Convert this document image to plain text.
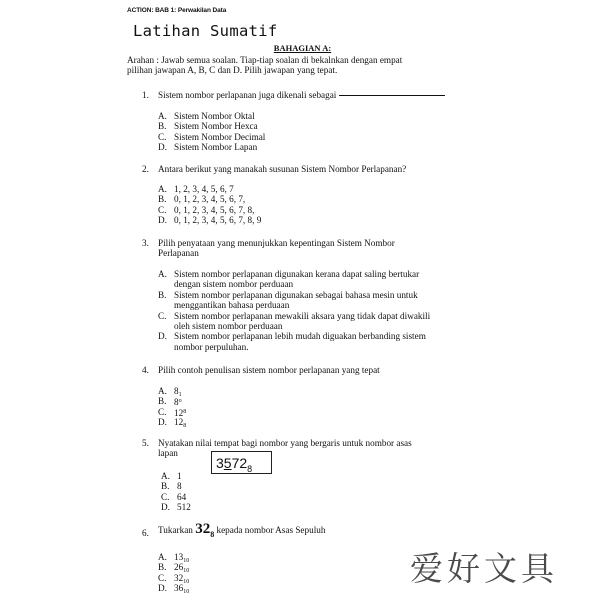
ACTION: BAB 1: Perwakilan Data
Latihan Sumatif
BAHAGIAN A:
Arahan : Jawab semua soalan. Tiap-tiap soalan di bekalnkan dengan empat
pilihan jawapan A, B, C dan D. Pilih jawapan yang tepat.
1. Sistem nombor perlapanan juga dikenali sebagai
A. Sistem Nombor Oktal
B. Sistem Nombor Hexca
C. Sistem Nombor Decimal
D. Sistem Nombor Lapan
2. Antara berikut yang manakah susunan Sistem Nombor Perlapanan?
A. 1, 2, 3, 4, 5, 6, 7
B. 0, 1, 2, 3, 4, 5, 6, 7,
C. 0, 1, 2, 3, 4, 5, 6, 7, 8,
D. 0, 1, 2, 3, 4, 5, 6, 7, 8, 9
3. Pilih penyataan yang menunjukkan kepentingan Sistem Nombor
Perlapanan
A. Sistem nombor perlapanan digunakan kerana dapat saling bertukar
dengan sistem nombor perduaan
B. Sistem nombor perlapanan digunakan sebagai bahasa mesin untuk
menggantikan bahasa perduaan
C. Sistem nombor perlapanan mewakili aksara yang tidak dapat diwakili
oleh sistem nombor perduaan
D. Sistem nombor perlapanan lebih mudah diguakan berbanding sistem
nombor perpuluhan.
4. Pilih contoh penulisan sistem nombor perlapanan yang tepat
A. $8_1$
B. 8$^o$
C. $12^8$
D. $12_8$
5. Nyatakan nilai tempat bagi nombor yang bergaris untuk nombor asas
lapan
$3572_8$
A. 1
B. 8
C. 64
D. 512
6. Tukarkan $32_8$ kepada nombor Asas Sepuluh
A. $13_{10}$
B. $26_{10}$
C. $32_{10}$
D. $36_{10}$
爱好文具
